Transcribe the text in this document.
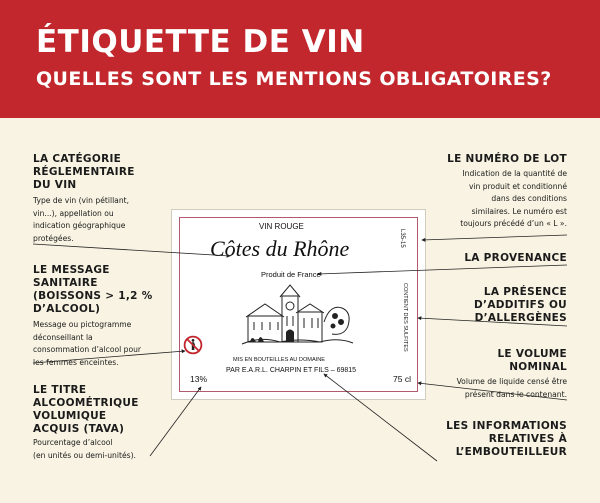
ÉTIQUETTE DE VIN
QUELLES SONT LES MENTIONS OBLIGATOIRES?
LA CATÉGORIE
RÉGLEMENTAIRE
DU VIN
Type de vin (vin pétillant,
vin...), appellation ou
indication géographique
protégées.
LE MESSAGE
SANITAIRE
(BOISSONS > 1,2 %
D’ALCOOL)
Message ou pictogramme
déconseillant la
consommation d’alcool pour
les femmes enceintes.
LE TITRE
ALCOOMÉTRIQUE
VOLUMIQUE
ACQUIS (TAVA)
Pourcentage d’alcool
(en unités ou demi-unités).
LE NUMÉRO DE LOT
Indication de la quantité de
vin produit et conditionné
dans des conditions
similaires. Le numéro est
toujours précédé d’un « L ».
LA PROVENANCE
LA PRÉSENCE
D’ADDITIFS OU
D’ALLERGÈNES
LE VOLUME
NOMINAL
Volume de liquide censé être
présent dans le contenant.
LES INFORMATIONS
RELATIVES À
L’EMBOUTEILLEUR
VIN ROUGE
Côtes du Rhône
Produit de France
L35-15
CONTIENT DES SULFITES
MIS EN BOUTEILLES AU DOMAINE
PAR E.A.R.L. CHARPIN ET FILS – 69815
13%	75 cl
